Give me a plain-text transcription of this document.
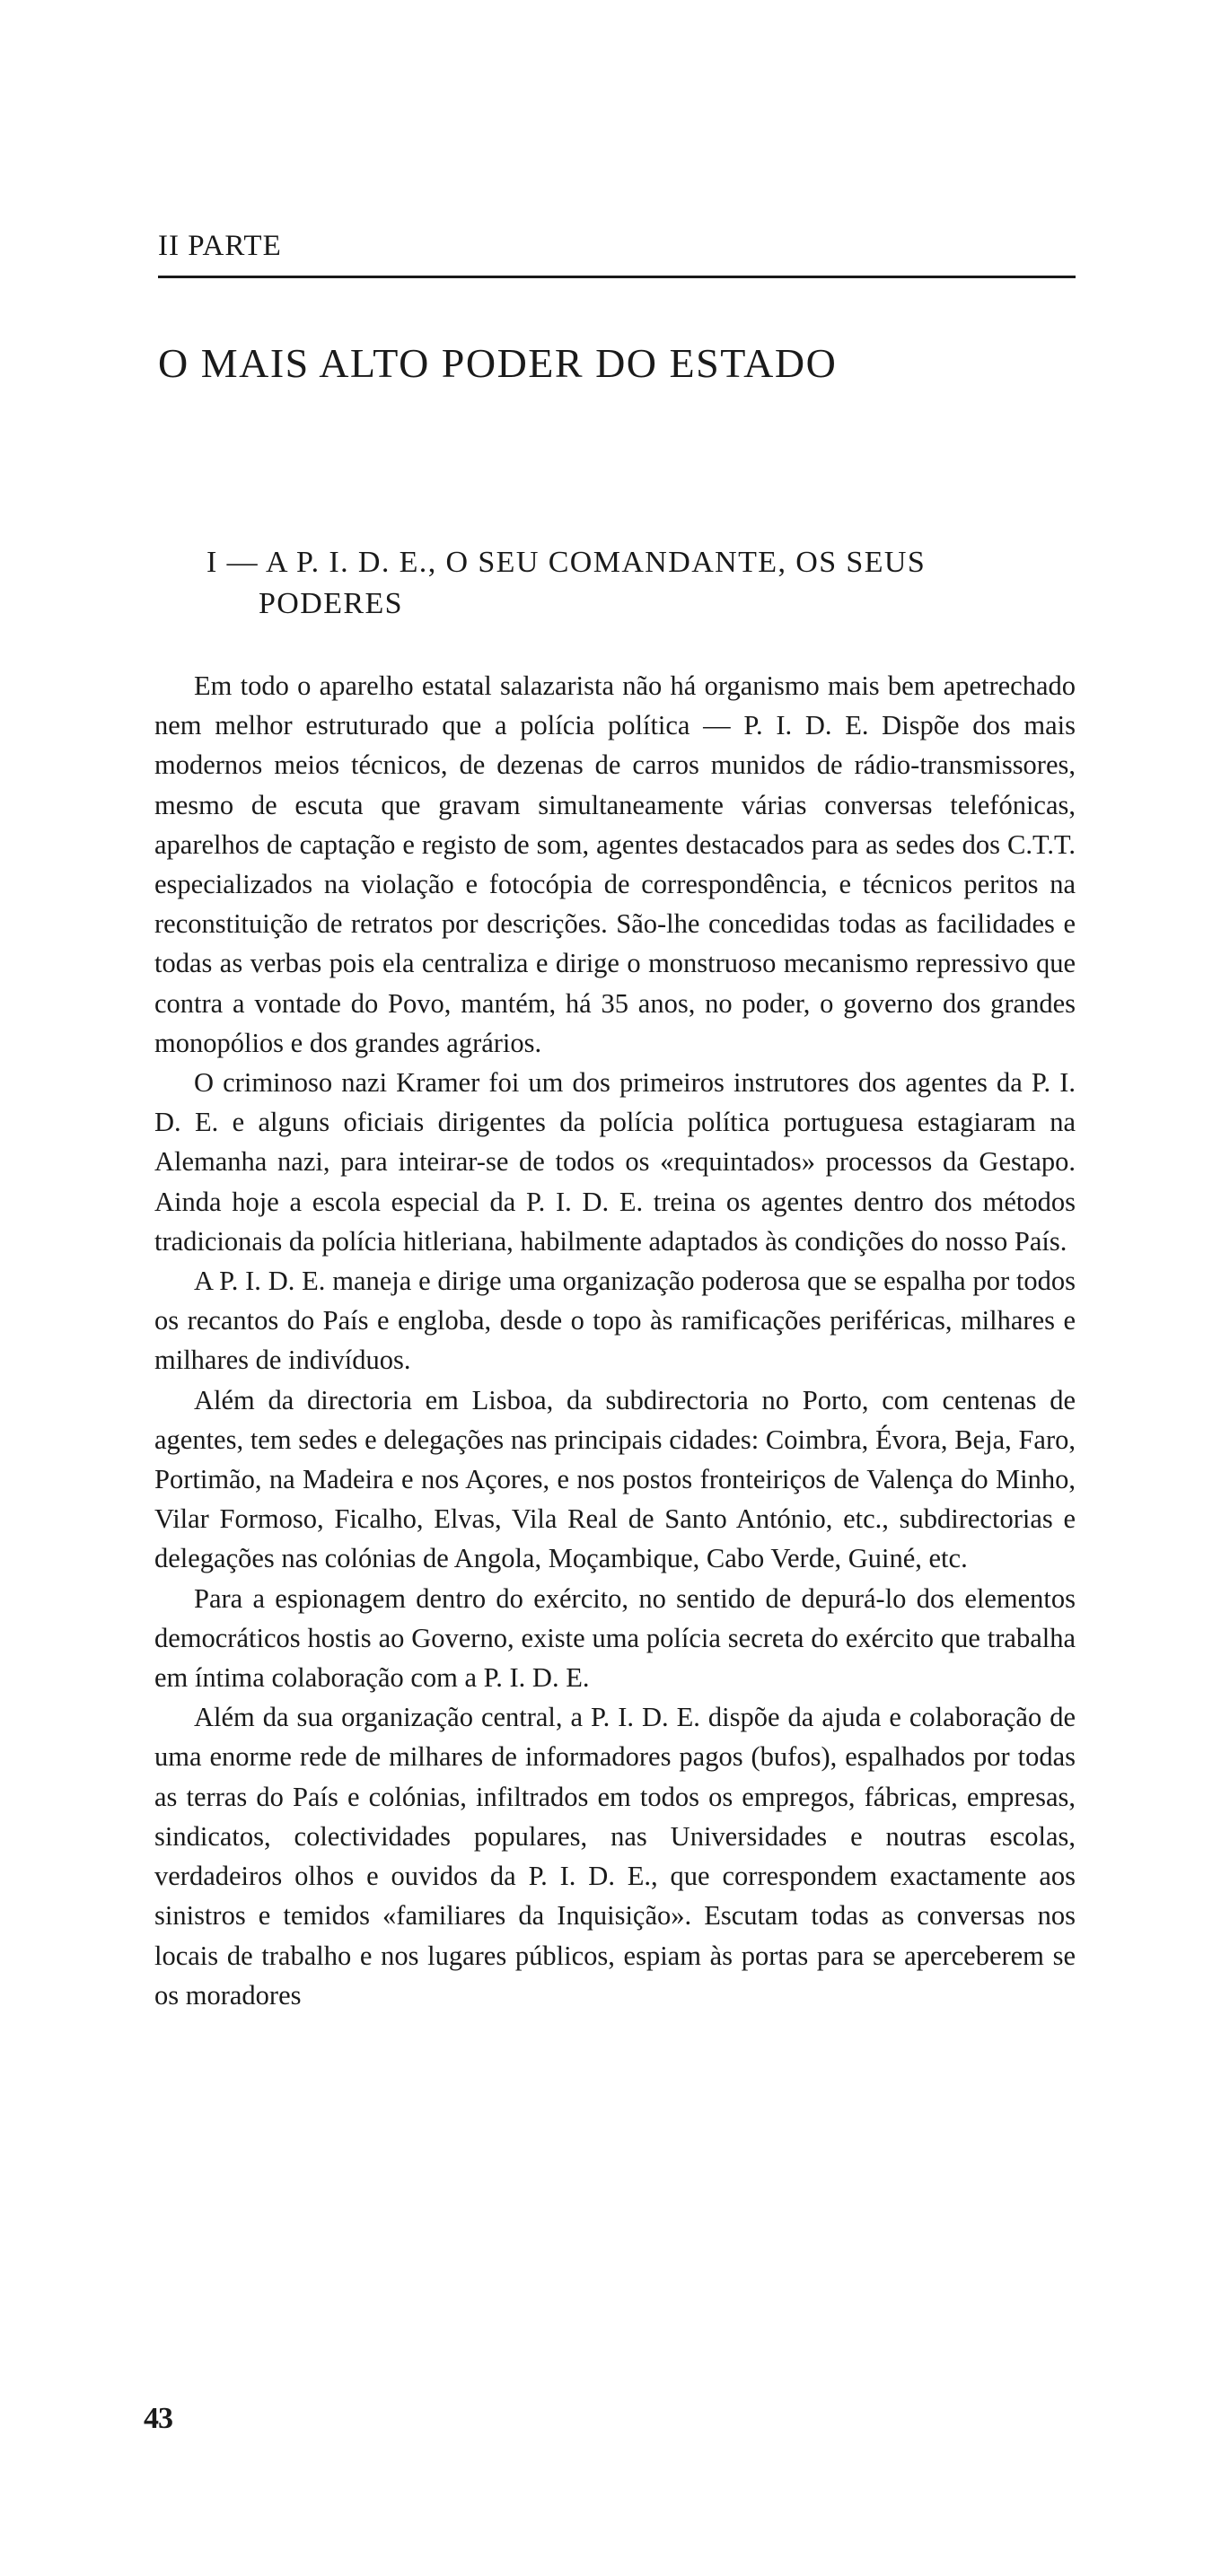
II PARTE
O MAIS ALTO PODER DO ESTADO
I — A P. I. D. E., O SEU COMANDANTE, OS SEUS
PODERES

Em todo o aparelho estatal salazarista não há organismo mais bem apetrechado nem melhor estruturado que a polícia política — P. I. D. E. Dispõe dos mais modernos meios técnicos, de dezenas de carros munidos de rádio-transmissores, mesmo de escuta que gravam simultaneamente várias conversas telefónicas, aparelhos de captação e registo de som, agentes destacados para as sedes dos C.T.T. especializados na violação e fotocópia de correspondência, e técnicos peritos na reconstituição de retratos por descrições. São-lhe concedidas todas as facilidades e todas as verbas pois ela centraliza e dirige o monstruoso mecanismo repressivo que contra a vontade do Povo, mantém, há 35 anos, no poder, o governo dos grandes monopólios e dos grandes agrários.

O criminoso nazi Kramer foi um dos primeiros instrutores dos agentes da P. I. D. E. e alguns oficiais dirigentes da polícia política portuguesa estagiaram na Alemanha nazi, para inteirar-se de todos os «requintados» processos da Gestapo. Ainda hoje a escola especial da P. I. D. E. treina os agentes dentro dos métodos tradicionais da polícia hitleriana, habilmente adaptados às condições do nosso País.

A P. I. D. E. maneja e dirige uma organização poderosa que se espalha por todos os recantos do País e engloba, desde o topo às ramificações periféricas, milhares e milhares de indivíduos.

Além da directoria em Lisboa, da subdirectoria no Porto, com centenas de agentes, tem sedes e delegações nas principais cidades: Coimbra, Évora, Beja, Faro, Portimão, na Madeira e nos Açores, e nos postos fronteiriços de Valença do Minho, Vilar Formoso, Ficalho, Elvas, Vila Real de Santo António, etc., subdirectorias e delegações nas colónias de Angola, Moçambique, Cabo Verde, Guiné, etc.

Para a espionagem dentro do exército, no sentido de depurá-lo dos elementos democráticos hostis ao Governo, existe uma polícia secreta do exército que trabalha em íntima colaboração com a P. I. D. E.

Além da sua organização central, a P. I. D. E. dispõe da ajuda e colaboração de uma enorme rede de milhares de informadores pagos (bufos), espalhados por todas as terras do País e colónias, infiltrados em todos os empregos, fábricas, empresas, sindicatos, colectividades populares, nas Universidades e noutras escolas, verdadeiros olhos e ouvidos da P. I. D. E., que correspondem exactamente aos sinistros e temidos «familiares da Inquisição». Escutam todas as conversas nos locais de trabalho e nos lugares públicos, espiam às portas para se aperceberem se os moradores

43
